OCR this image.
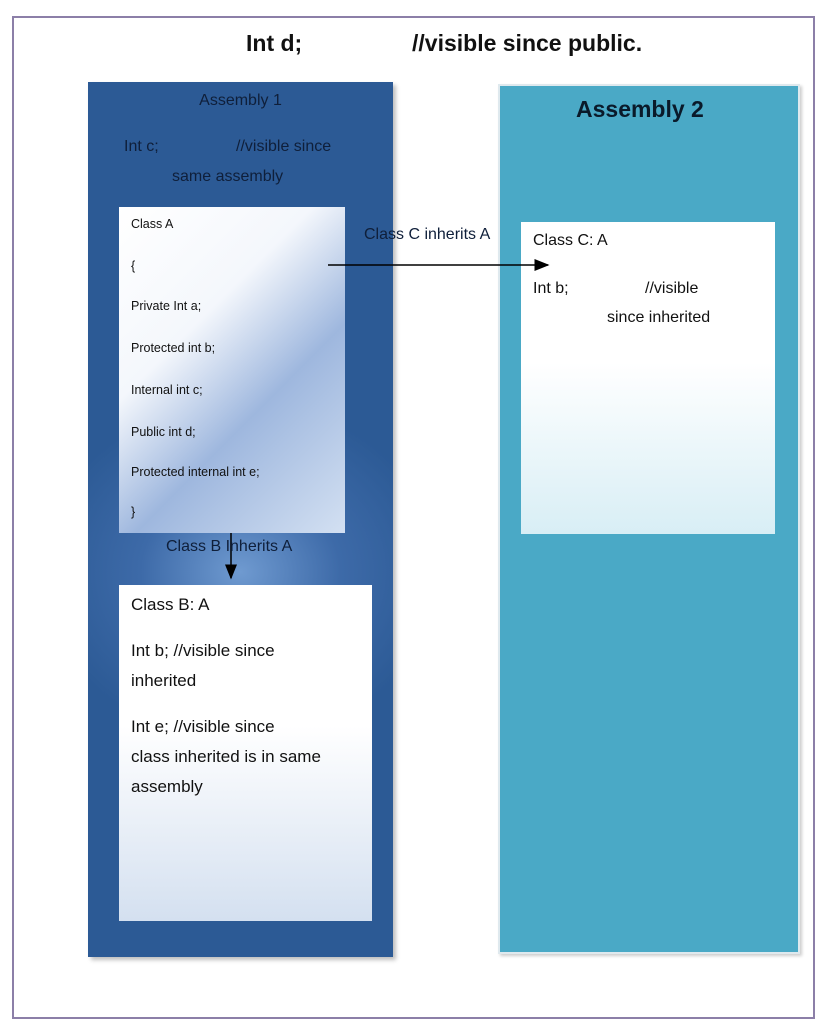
Int d;	//visible since public.
Assembly 1
Int c;	//visible since
same assembly
Class A
{
Private Int a;
Protected int b;
Internal int c;
Public int d;
Protected internal int e;
}
Class B: A
Int b; //visible since
inherited
Int e; //visible since
class inherited is in same
assembly
Assembly 2
Class C: A
Int b;	//visible
since inherited
Class C inherits A
Class B Inherits A
